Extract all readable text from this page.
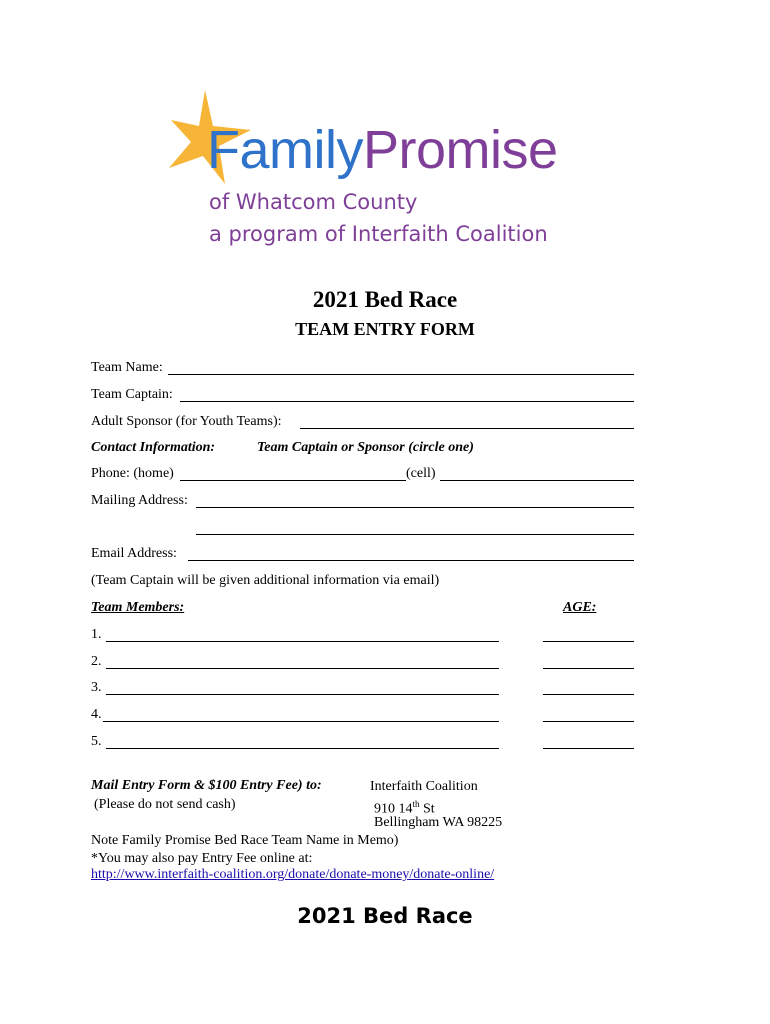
FamilyPromise
of Whatcom County
a program of Interfaith Coalition
2021 Bed Race
TEAM ENTRY FORM
Team Name:
Team Captain:
Adult Sponsor (for Youth Teams):
Contact Information:	Team Captain or Sponsor (circle one)
Phone: (home)	(cell)
Mailing Address:
Email Address:
(Team Captain will be given additional information via email)
Team Members:	AGE:
1.
2.
3.
4.
5.
Mail Entry Form & $100 Entry Fee) to:
(Please do not send cash)
Interfaith Coalition
910 14th St
Bellingham WA 98225
Note Family Promise Bed Race Team Name in Memo)
*You may also pay Entry Fee online at:
http://www.interfaith-coalition.org/donate/donate-money/donate-online/
2021 Bed Race
